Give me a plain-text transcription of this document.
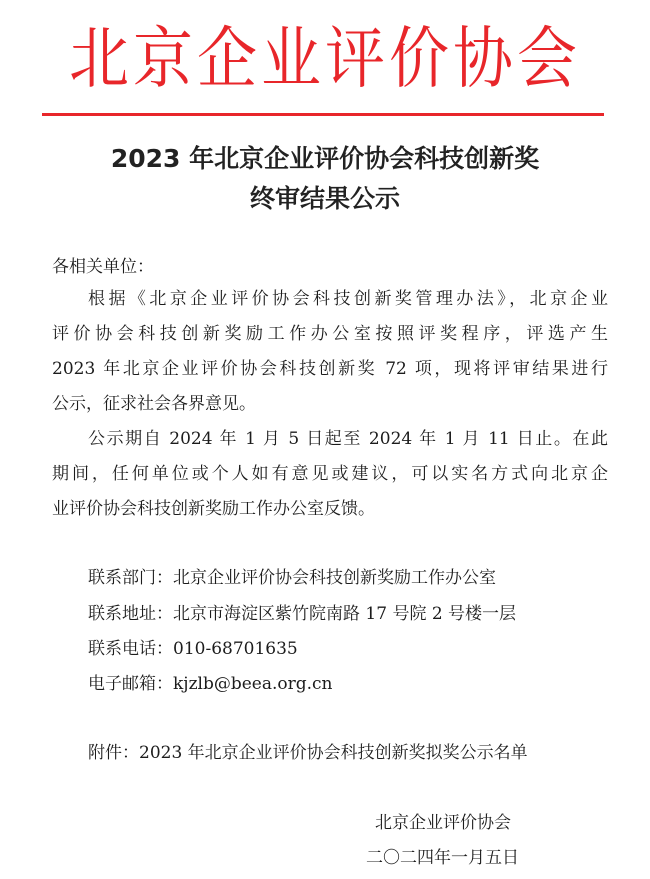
北京企业评价协会
2023 年北京企业评价协会科技创新奖
终审结果公示
各相关单位：
根据《北京企业评价协会科技创新奖管理办法》，北京企业
评价协会科技创新奖励工作办公室按照评奖程序，评选产生
2023 年北京企业评价协会科技创新奖 72 项，现将评审结果进行
公示，征求社会各界意见。
公示期自 2024 年 1 月 5 日起至 2024 年 1 月 11 日止。在此
期间，任何单位或个人如有意见或建议，可以实名方式向北京企
业评价协会科技创新奖励工作办公室反馈。
联系部门：北京企业评价协会科技创新奖励工作办公室
联系地址：北京市海淀区紫竹院南路 17 号院 2 号楼一层
联系电话：010-68701635
电子邮箱：kjzlb@beea.org.cn
附件：2023 年北京企业评价协会科技创新奖拟奖公示名单
北京企业评价协会
二〇二四年一月五日
